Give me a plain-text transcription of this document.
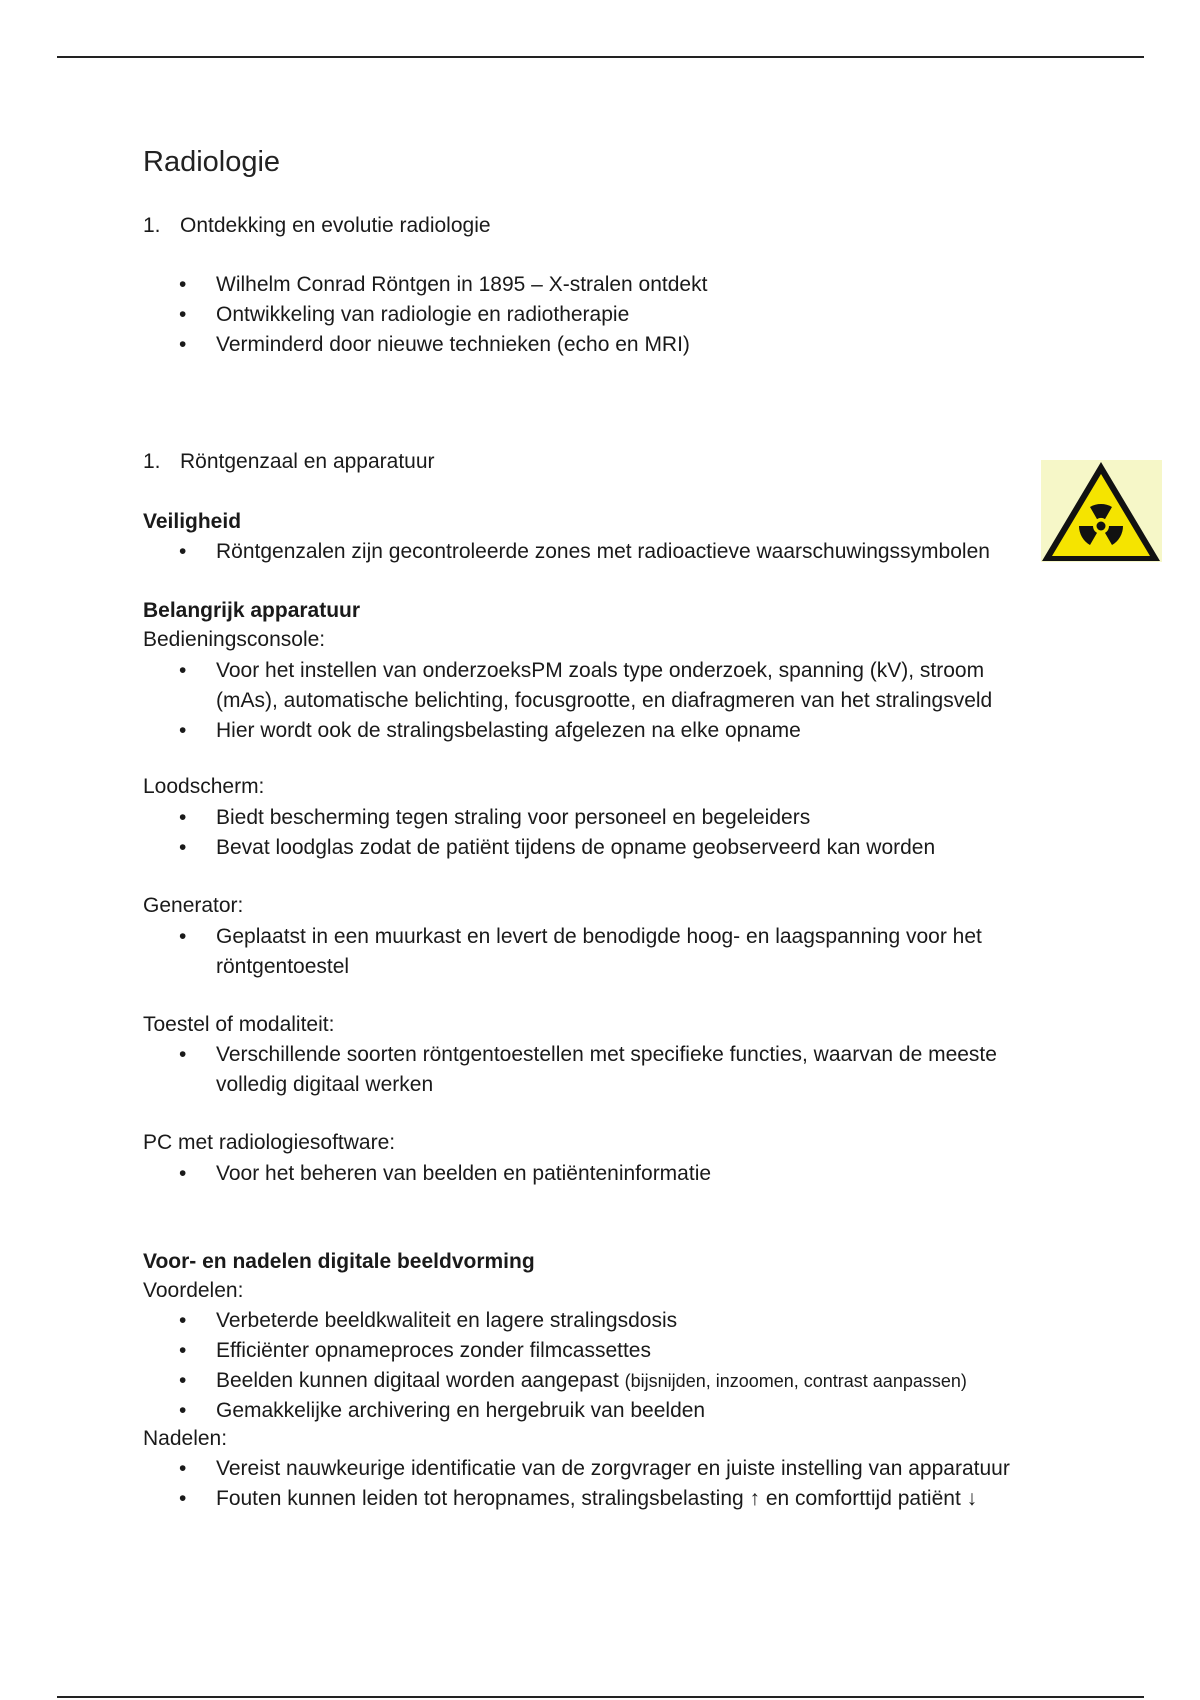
Radiologie
1. Ontdekking en evolutie radiologie
• Wilhelm Conrad Röntgen in 1895 – X-stralen ontdekt
• Ontwikkeling van radiologie en radiotherapie
• Verminderd door nieuwe technieken (echo en MRI)
1. Röntgenzaal en apparatuur
Veiligheid
• Röntgenzalen zijn gecontroleerde zones met radioactieve waarschuwingssymbolen
Belangrijk apparatuur
Bedieningsconsole:
• Voor het instellen van onderzoeksPM zoals type onderzoek, spanning (kV), stroom
(mAs), automatische belichting, focusgrootte, en diafragmeren van het stralingsveld
• Hier wordt ook de stralingsbelasting afgelezen na elke opname
Loodscherm:
• Biedt bescherming tegen straling voor personeel en begeleiders
• Bevat loodglas zodat de patiënt tijdens de opname geobserveerd kan worden
Generator:
• Geplaatst in een muurkast en levert de benodigde hoog- en laagspanning voor het
röntgentoestel
Toestel of modaliteit:
• Verschillende soorten röntgentoestellen met specifieke functies, waarvan de meeste
volledig digitaal werken
PC met radiologiesoftware:
• Voor het beheren van beelden en patiënteninformatie
Voor- en nadelen digitale beeldvorming
Voordelen:
• Verbeterde beeldkwaliteit en lagere stralingsdosis
• Efficiënter opnameproces zonder filmcassettes
• Beelden kunnen digitaal worden aangepast (bijsnijden, inzoomen, contrast aanpassen)
• Gemakkelijke archivering en hergebruik van beelden
Nadelen:
• Vereist nauwkeurige identificatie van de zorgvrager en juiste instelling van apparatuur
• Fouten kunnen leiden tot heropnames, stralingsbelasting ↑ en comforttijd patiënt ↓
